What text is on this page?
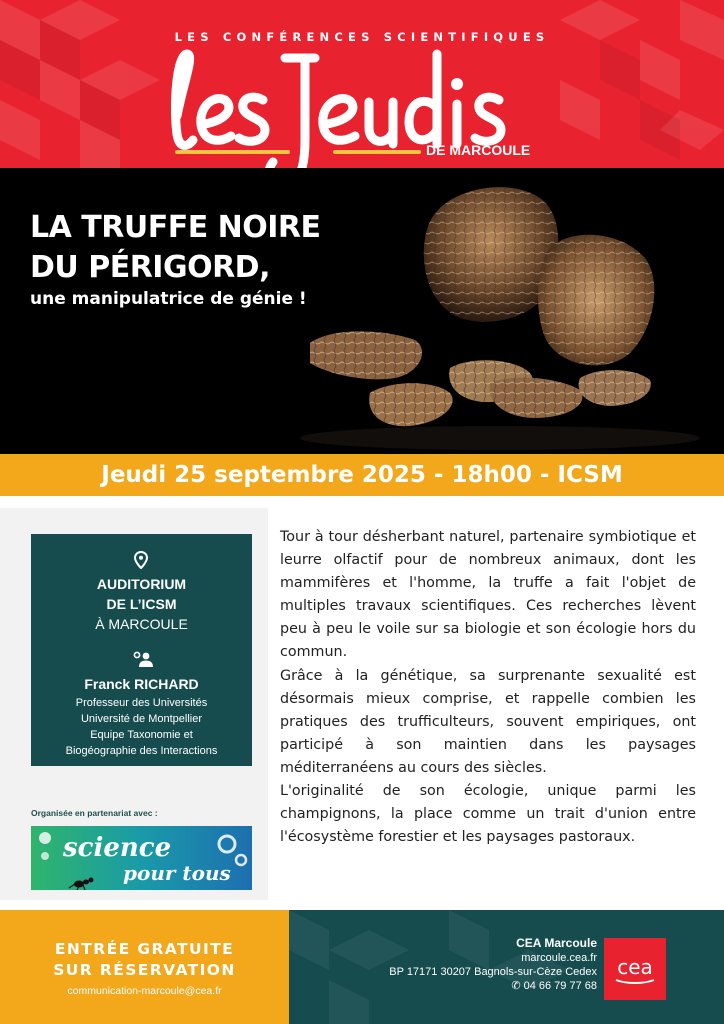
LES CONFÉRENCES SCIENTIFIQUES
DE MARCOULE
LA TRUFFE NOIRE
DU PÉRIGORD,
une manipulatrice de génie !
Jeudi 25 septembre 2025 - 18h00 - ICSM
AUDITORIUM
DE L’ICSM
À MARCOULE
Franck RICHARD
Professeur des Universités
Université de Montpellier
Equipe Taxonomie et
Biogéographie des Interactions
Organisée en partenariat avec :
science
pour tous

Tour à tour désherbant naturel, partenaire symbiotique et leurre olfactif pour de nombreux animaux, dont les mammifères et l'homme, la truffe a fait l'objet de multiples travaux scientifiques. Ces recherches lèvent peu à peu le voile sur sa biologie et son écologie hors du commun.

Grâce à la génétique, sa surprenante sexualité est désormais mieux comprise, et rappelle combien les pratiques des trufficulteurs, souvent empiriques, ont participé à son maintien dans les paysages méditerranéens au cours des siècles.

L'originalité de son écologie, unique parmi les champignons, la place comme un trait d'union entre l'écosystème forestier et les paysages pastoraux.

ENTRÉE GRATUITE
SUR RÉSERVATION
communication-marcoule@cea.fr
CEA Marcoule
marcoule.cea.fr
BP 17171 30207 Bagnols-sur-Cèze Cedex
✆ 04 66 79 77 68
cea
